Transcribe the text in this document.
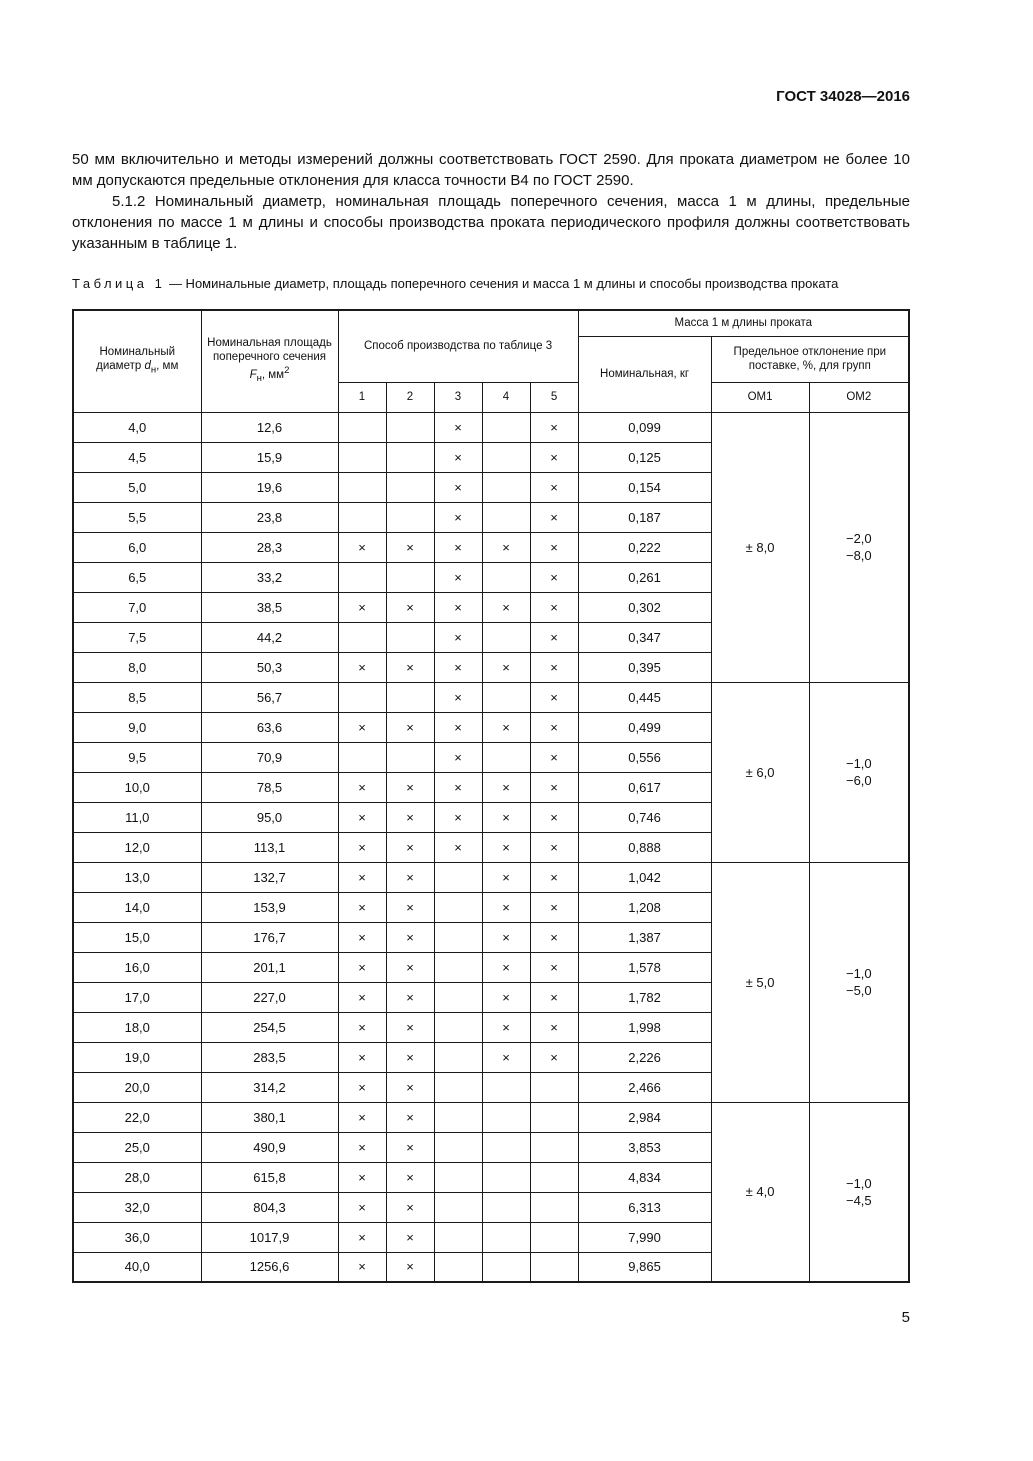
ГОСТ 34028—2016

50 мм включительно и методы измерений должны соответствовать ГОСТ 2590. Для проката диаметром не более 10 мм допускаются предельные отклонения для класса точности В4 по ГОСТ 2590.

5.1.2 Номинальный диаметр, номинальная площадь поперечного сечения, масса 1 м длины, предельные отклонения по массе 1 м длины и способы производства проката периодического профиля должны соответствовать указанным в таблице 1.

Таблица 1 — Номинальные диаметр, площадь поперечного сечения и масса 1 м длины и способы производства проката

Номинальный диаметр $d_н$, мм	Номинальная площадь поперечного сечения $F_н$, $мм^2$	Способ производства по таблице 3					Масса 1 м длины проката		
							Номинальная, кг	Предельное отклонение при поставке, %, для групп	
		1	2	3	4	5		ОМ1	ОМ2
4,0	12,6			×		×	0,099	± 8,0	−2,0
−8,0

4,5	15,9			×		×	0,125		
5,0	19,6			×		×	0,154		
5,5	23,8			×		×	0,187		
6,0	28,3	×	×	×	×	×	0,222		
6,5	33,2			×		×	0,261		
7,0	38,5	×	×	×	×	×	0,302		
7,5	44,2			×		×	0,347		
8,0	50,3	×	×	×	×	×	0,395		
8,5	56,7			×		×	0,445	± 6,0	−1,0
−6,0

9,0	63,6	×	×	×	×	×	0,499		
9,5	70,9			×		×	0,556		
10,0	78,5	×	×	×	×	×	0,617		
11,0	95,0	×	×	×	×	×	0,746		
12,0	113,1	×	×	×	×	×	0,888		
13,0	132,7	×	×		×	×	1,042	± 5,0	−1,0
−5,0

14,0	153,9	×	×		×	×	1,208		
15,0	176,7	×	×		×	×	1,387		
16,0	201,1	×	×		×	×	1,578		
17,0	227,0	×	×		×	×	1,782		
18,0	254,5	×	×		×	×	1,998		
19,0	283,5	×	×		×	×	2,226		
20,0	314,2	×	×				2,466		
22,0	380,1	×	×				2,984	± 4,0	−1,0
−4,5

25,0	490,9	×	×				3,853		
28,0	615,8	×	×				4,834		
32,0	804,3	×	×				6,313		
36,0	1017,9	×	×				7,990		
40,0	1256,6	×	×				9,865		
5
